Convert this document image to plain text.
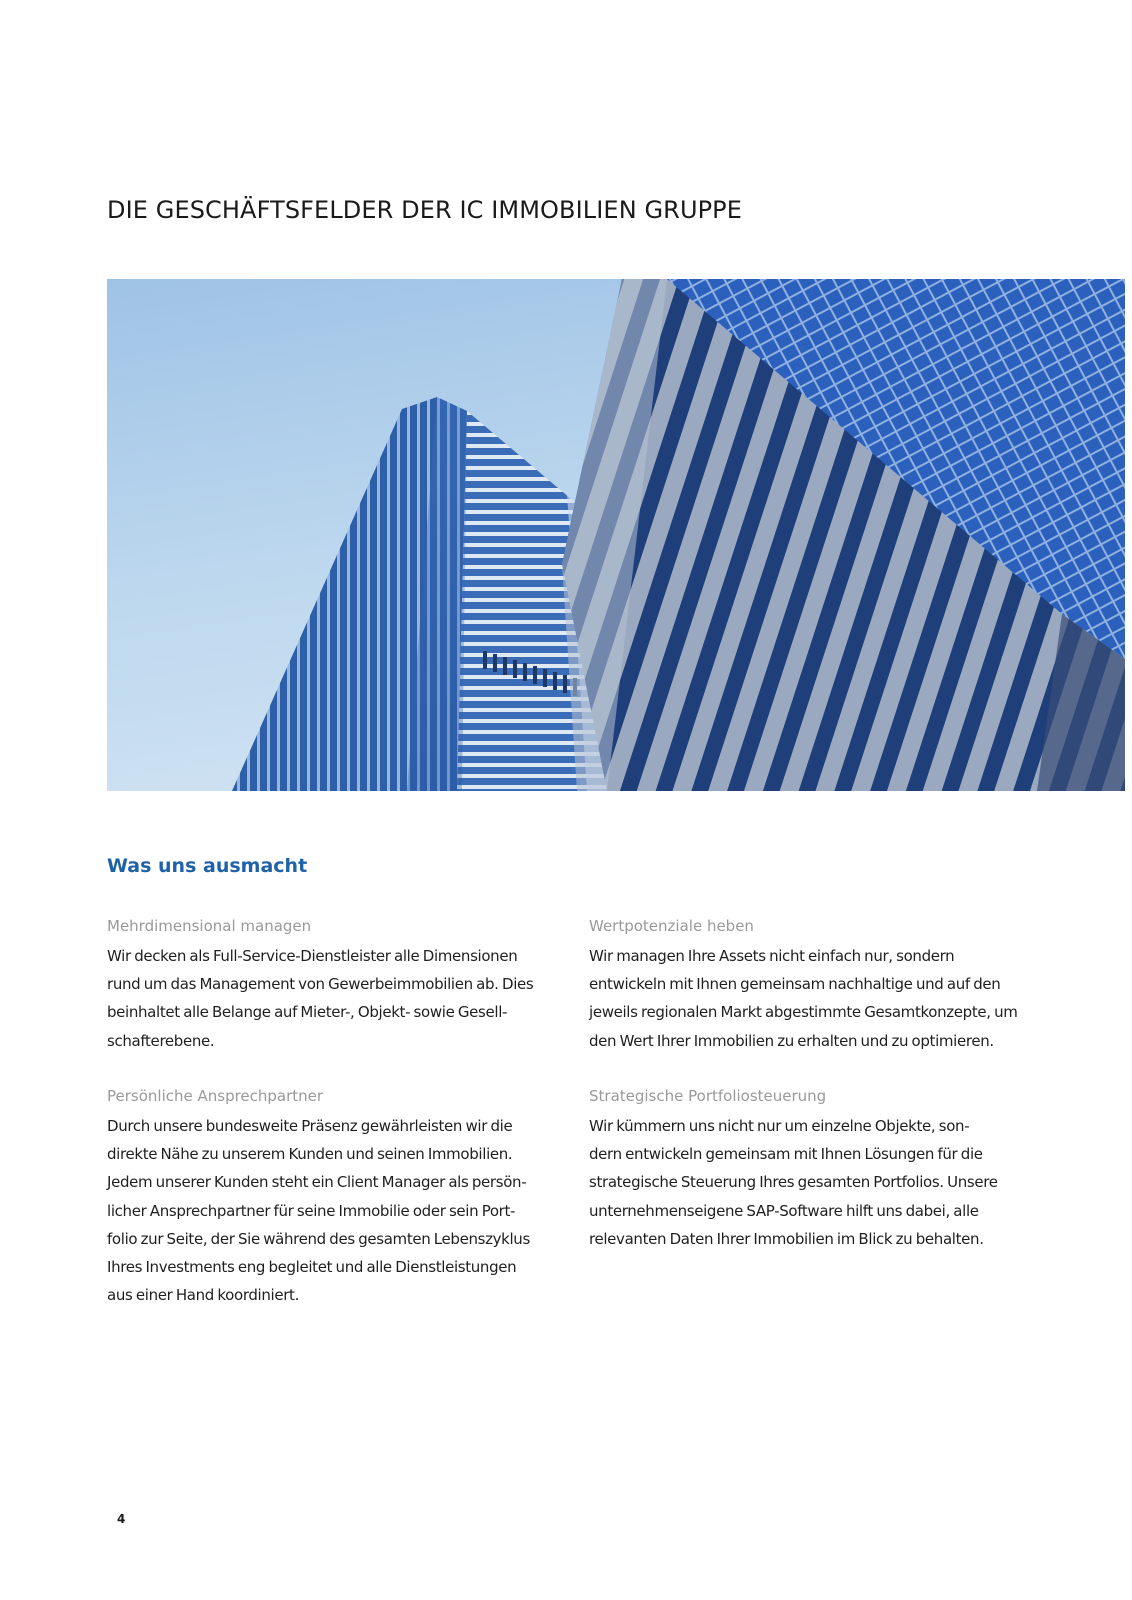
DIE GESCHÄFTSFELDER DER IC IMMOBILIEN GRUPPE
Was uns ausmacht
Mehrdimensional managen

Wir decken als Full-Service-Dienstleister alle Dimensionen
rund um das Management von Gewerbeimmobilien ab. Dies
beinhaltet alle Belange auf Mieter-, Objekt- sowie Gesell-
schafterebene.

Wertpotenziale heben

Wir managen Ihre Assets nicht einfach nur, sondern
entwickeln mit Ihnen gemeinsam nachhaltige und auf den
jeweils regionalen Markt abgestimmte Gesamtkonzepte, um
den Wert Ihrer Immobilien zu erhalten und zu optimieren.

Persönliche Ansprechpartner

Durch unsere bundesweite Präsenz gewährleisten wir die
direkte Nähe zu unserem Kunden und seinen Immobilien.
Jedem unserer Kunden steht ein Client Manager als persön-
licher Ansprechpartner für seine Immobilie oder sein Port-
folio zur Seite, der Sie während des gesamten Lebenszyklus
Ihres Investments eng begleitet und alle Dienstleistungen
aus einer Hand koordiniert.

Strategische Portfoliosteuerung

Wir kümmern uns nicht nur um einzelne Objekte, son-
dern entwickeln gemeinsam mit Ihnen Lösungen für die
strategische Steuerung Ihres gesamten Portfolios. Unsere
unternehmenseigene SAP-Software hilft uns dabei, alle
relevanten Daten Ihrer Immobilien im Blick zu behalten.

4
